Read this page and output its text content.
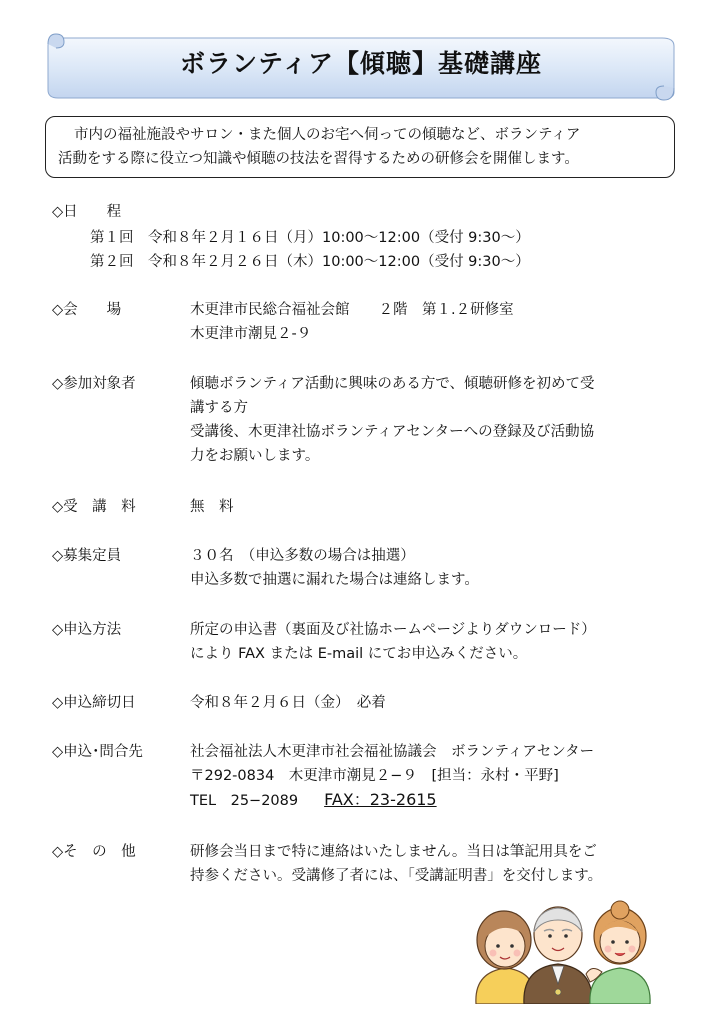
ボランティア【傾聴】基礎講座

市内の福祉施設やサロン・また個人のお宅へ伺っての傾聴など、ボランティア

活動をする際に役立つ知識や傾聴の技法を習得するための研修会を開催します。

◇日　　程
第１回　令和８年２月１６日（月）10:00～12:00（受付 9:30～）
第２回　令和８年２月２６日（木）10:00～12:00（受付 9:30～）
◇会　　場	木更津市民総合福祉会館　　２階　第１.２研修室

木更津市潮見２-９

◇参加対象者	傾聴ボランティア活動に興味のある方で、傾聴研修を初めて受

講する方

受講後、木更津社協ボランティアセンターへの登録及び活動協

力をお願いします。

◇受　講　料	無　料

◇募集定員	３０名　（申込多数の場合は抽選）

申込多数で抽選に漏れた場合は連絡します。

◇申込方法	所定の申込書（裏面及び社協ホームページよりダウンロード）

により FAX または E-mail にてお申込みください。

◇申込締切日	令和８年２月６日（金）　必着

◇申込･問合先	社会福祉法人木更津市社会福祉協議会　ボランティアセンター

〒292-0834　木更津市潮見２−９　[担当：永村・平野]

TEL　25−2089 FAX：23-2615

◇そ　の　他	研修会当日まで特に連絡はいたしません。当日は筆記用具をご

持参ください。受講修了者には、「受講証明書」を交付します。
